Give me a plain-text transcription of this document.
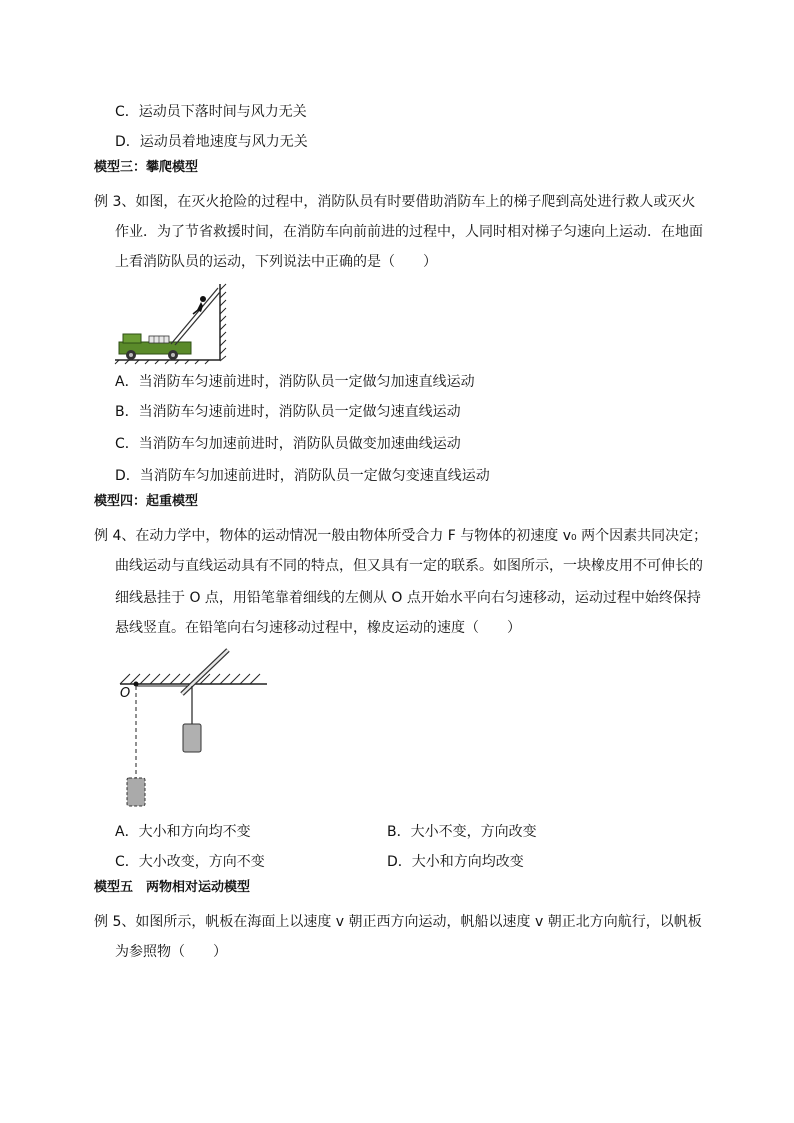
C．运动员下落时间与风力无关
D．运动员着地速度与风力无关
模型三：攀爬模型
例 3、如图，在灭火抢险的过程中，消防队员有时要借助消防车上的梯子爬到高处进行救人或灭火
作业．为了节省救援时间，在消防车向前前进的过程中，人同时相对梯子匀速向上运动．在地面
上看消防队员的运动，下列说法中正确的是（　　）
A．当消防车匀速前进时，消防队员一定做匀加速直线运动
B．当消防车匀速前进时，消防队员一定做匀速直线运动
C．当消防车匀加速前进时，消防队员做变加速曲线运动
D．当消防车匀加速前进时，消防队员一定做匀变速直线运动
模型四：起重模型
例 4、在动力学中，物体的运动情况一般由物体所受合力 F 与物体的初速度 v₀ 两个因素共同决定；
曲线运动与直线运动具有不同的特点，但又具有一定的联系。如图所示，一块橡皮用不可伸长的
细线悬挂于 O 点，用铅笔靠着细线的左侧从 O 点开始水平向右匀速移动，运动过程中始终保持
悬线竖直。在铅笔向右匀速移动过程中，橡皮运动的速度（　　）
O
A．大小和方向均不变	B．大小不变，方向改变
C．大小改变，方向不变	D．大小和方向均改变
模型五　两物相对运动模型
例 5、如图所示，帆板在海面上以速度 v 朝正西方向运动，帆船以速度 v 朝正北方向航行，以帆板
为参照物（　　）
